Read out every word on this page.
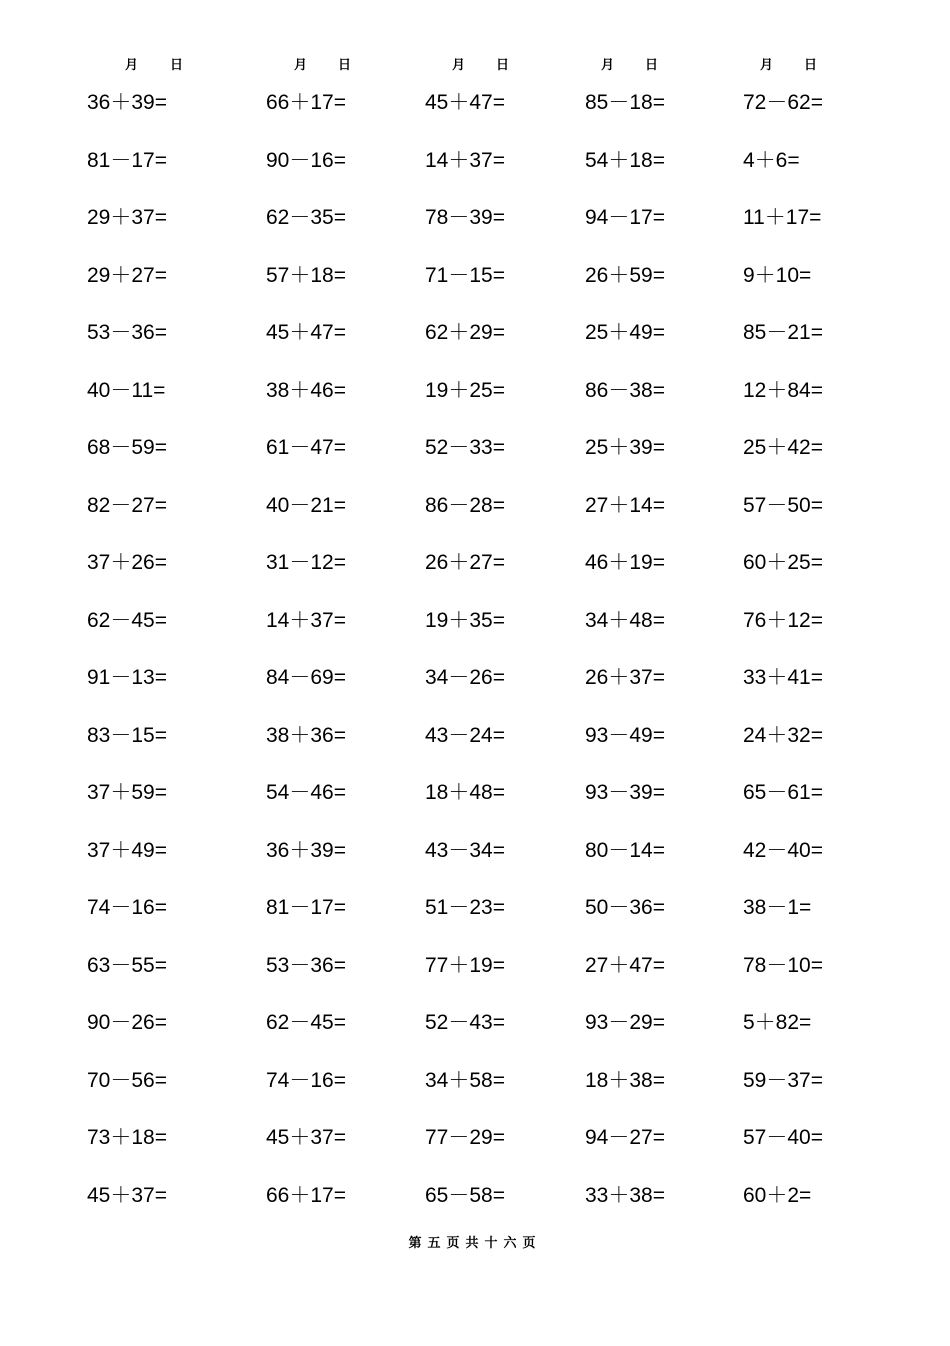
月 日
36＋39=
81－17=
29＋37=
29＋27=
53－36=
40－11=
68－59=
82－27=
37＋26=
62－45=
91－13=
83－15=
37＋59=
37＋49=
74－16=
63－55=
90－26=
70－56=
73＋18=
45＋37=
月 日
66＋17=
90－16=
62－35=
57＋18=
45＋47=
38＋46=
61－47=
40－21=
31－12=
14＋37=
84－69=
38＋36=
54－46=
36＋39=
81－17=
53－36=
62－45=
74－16=
45＋37=
66＋17=
月 日
45＋47=
14＋37=
78－39=
71－15=
62＋29=
19＋25=
52－33=
86－28=
26＋27=
19＋35=
34－26=
43－24=
18＋48=
43－34=
51－23=
77＋19=
52－43=
34＋58=
77－29=
65－58=
月 日
85－18=
54＋18=
94－17=
26＋59=
25＋49=
86－38=
25＋39=
27＋14=
46＋19=
34＋48=
26＋37=
93－49=
93－39=
80－14=
50－36=
27＋47=
93－29=
18＋38=
94－27=
33＋38=
月 日
72－62=
4＋6=
11＋17=
9＋10=
85－21=
12＋84=
25＋42=
57－50=
60＋25=
76＋12=
33＋41=
24＋32=
65－61=
42－40=
38－1=
78－10=
5＋82=
59－37=
57－40=
60＋2=
第五页共十六页
